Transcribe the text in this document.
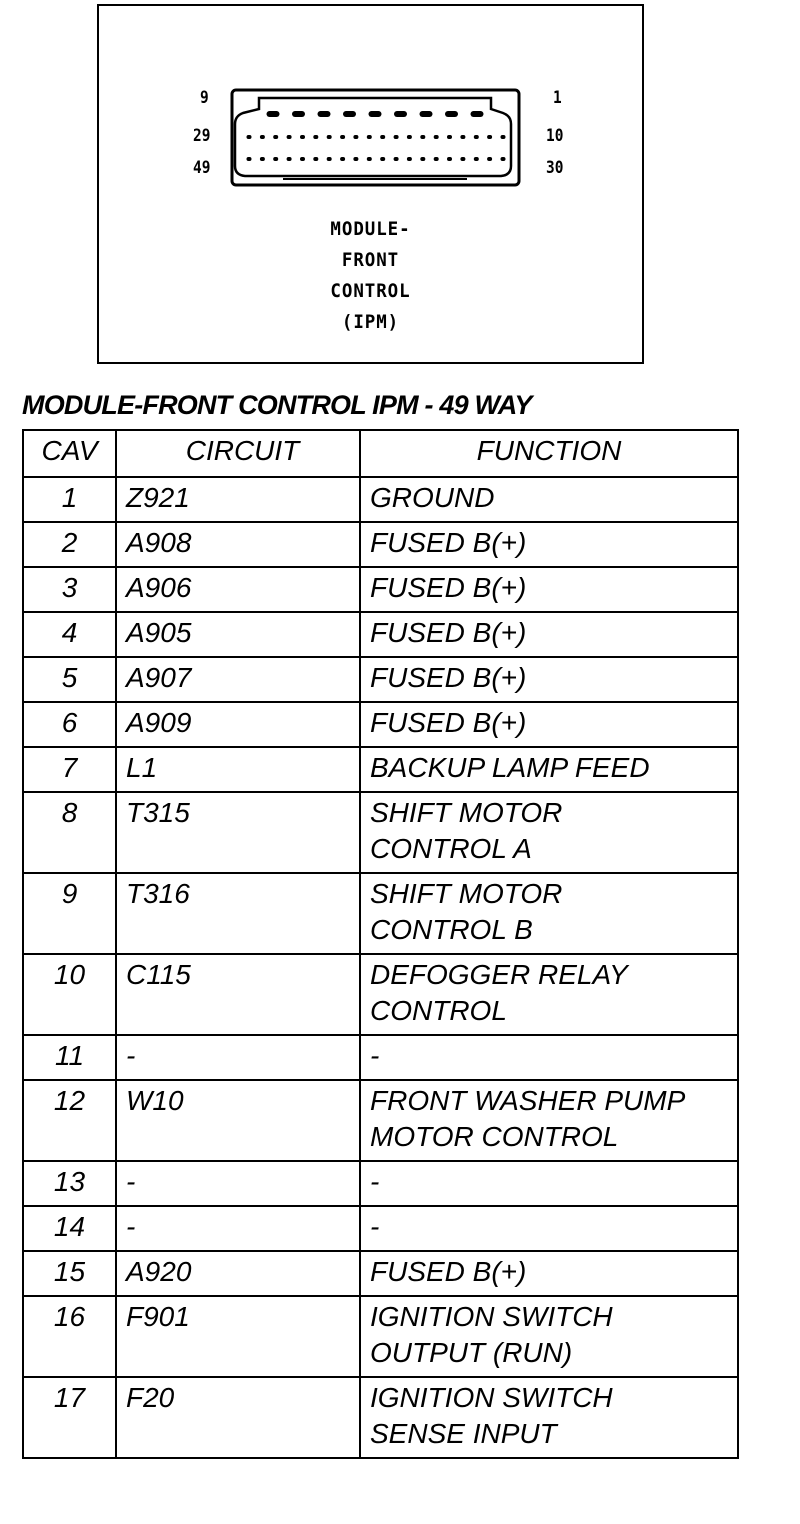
9
29
49
1
10
30
MODULE-
FRONT
CONTROL
(IPM)
MODULE-FRONT CONTROL IPM - 49 WAY
CAV	CIRCUIT	FUNCTION
1	Z921	GROUND

2	A908	FUSED B(+)

3	A906	FUSED B(+)

4	A905	FUSED B(+)

5	A907	FUSED B(+)

6	A909	FUSED B(+)

7	L1	BACKUP LAMP FEED

8	T315	SHIFT MOTOR
CONTROL A

9	T316	SHIFT MOTOR
CONTROL B

10	C115	DEFOGGER RELAY
CONTROL

11	-	-

12	W10	FRONT WASHER PUMP
MOTOR CONTROL

13	-	-

14	-	-

15	A920	FUSED B(+)

16	F901	IGNITION SWITCH
OUTPUT (RUN)

17	F20	IGNITION SWITCH
SENSE INPUT
